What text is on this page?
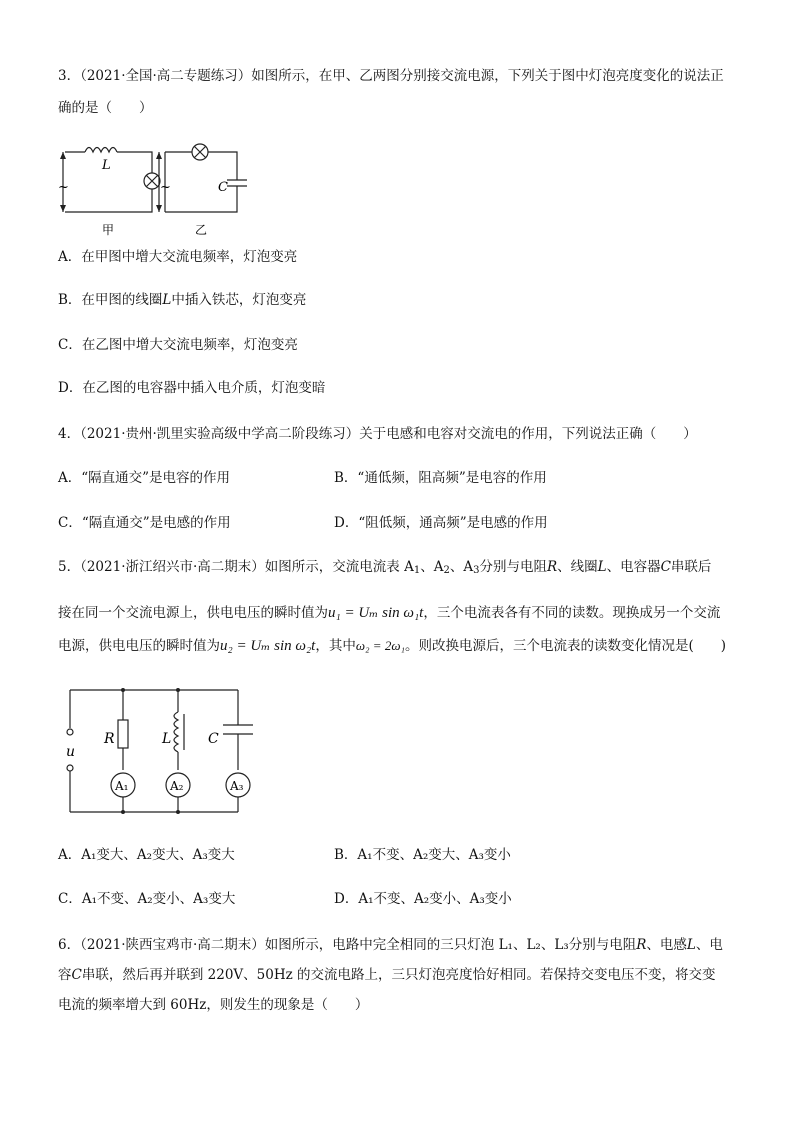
3．（2021·全国·高二专题练习）如图所示，在甲、乙两图分别接交流电源，下列关于图中灯泡亮度变化的说法正
确的是（　　）
L
C
~	~
甲	乙
A．在甲图中增大交流电频率，灯泡变亮
B．在甲图的线圈L中插入铁芯，灯泡变亮
C．在乙图中增大交流电频率，灯泡变亮
D．在乙图的电容器中插入电介质，灯泡变暗
4．（2021·贵州·凯里实验高级中学高二阶段练习）关于电感和电容对交流电的作用，下列说法正确（　　）
A．“隔直通交”是电容的作用	B．“通低频，阻高频”是电容的作用
C．“隔直通交”是电感的作用	D．“阻低频，通高频”是电感的作用
5．（2021·浙江绍兴市·高二期末）如图所示，交流电流表 $A_1$、$A_2$、$A_3$分别与电阻R、线圈L、电容器C串联后
接在同一个交流电源上，供电电压的瞬时值为u₁ = Uₘ sin ω₁t，三个电流表各有不同的读数。现换成另一个交流
电源，供电电压的瞬时值为u₂ = Uₘ sin ω₂t，其中ω₂ = 2ω₁。则改换电源后，三个电流表的读数变化情况是(　　)
R	L	C
u
A₁	A₂	A₃
A．A₁变大、A₂变大、A₃变大	B．A₁不变、A₂变大、A₃变小
C．A₁不变、A₂变小、A₃变大	D．A₁不变、A₂变小、A₃变小
6．（2021·陕西宝鸡市·高二期末）如图所示，电路中完全相同的三只灯泡 L₁、L₂、L₃分别与电阻R、电感L、电
容C串联，然后再并联到 220V、50Hz 的交流电路上，三只灯泡亮度恰好相同。若保持交变电压不变，将交变
电流的频率增大到 60Hz，则发生的现象是（　　）
